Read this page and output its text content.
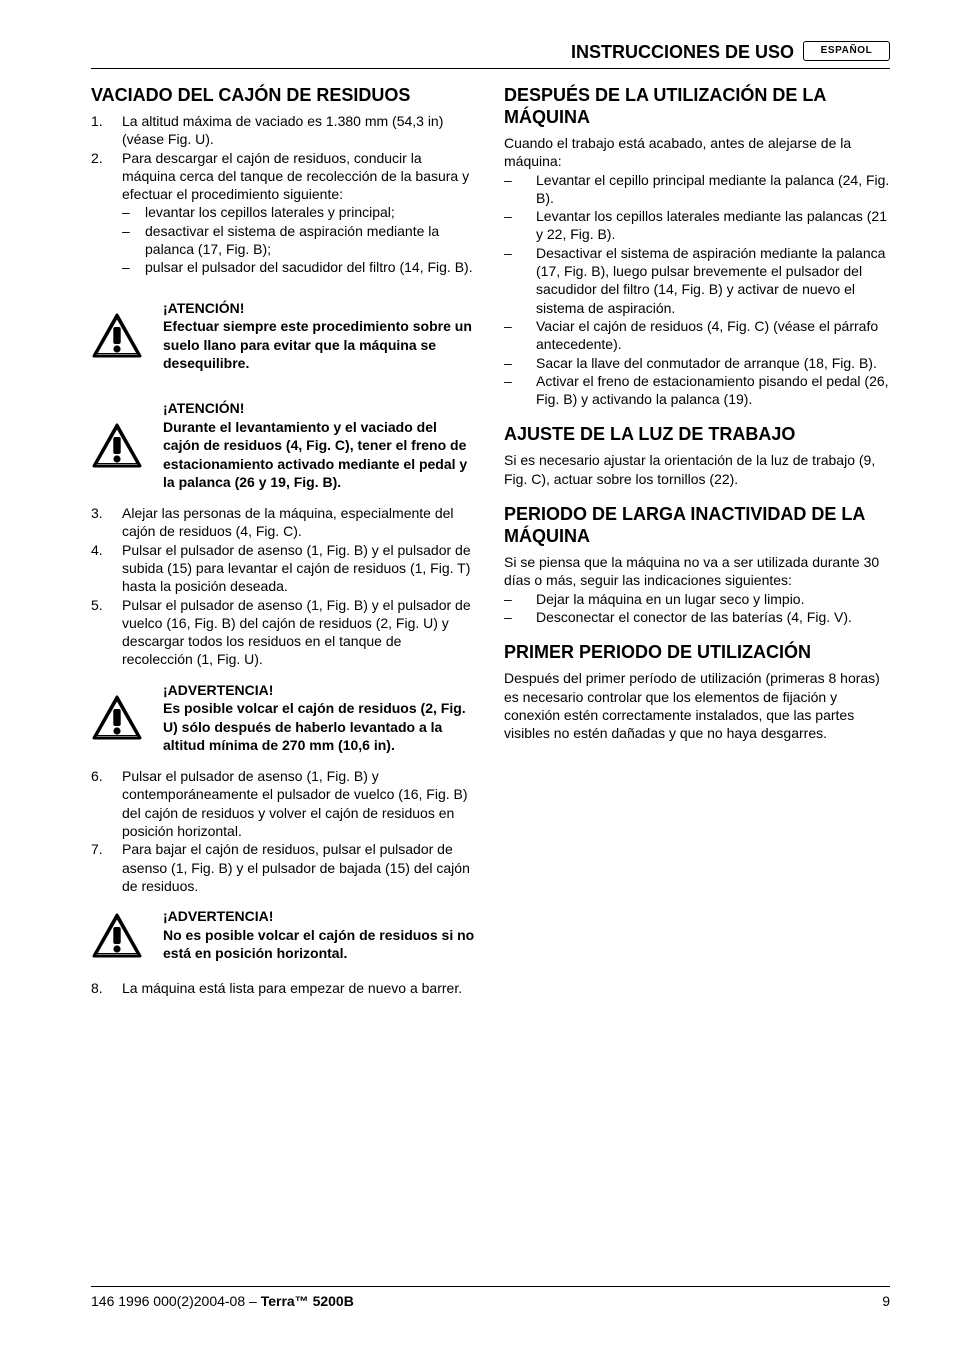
INSTRUCCIONES DE USO	ESPAÑOL
VACIADO DEL CAJÓN DE RESIDUOS
1.	La altitud máxima de vaciado es 1.380 mm (54,3 in) (véase Fig. U).
2.	Para descargar el cajón de residuos, conducir la máquina cerca del tanque de recolección de la basura y efectuar el procedimiento siguiente:
–	levantar los cepillos laterales y principal;
–	desactivar el sistema de aspiración mediante la palanca (17, Fig. B);
–	pulsar el pulsador del sacudidor del filtro (14, Fig. B).
¡ATENCIÓN!
Efectuar siempre este procedimiento sobre un suelo llano para evitar que la máquina se desequilibre.
¡ATENCIÓN!
Durante el levantamiento y el vaciado del cajón de residuos (4, Fig. C), tener el freno de estacionamiento activado mediante el pedal y la palanca (26 y 19, Fig. B).
3.	Alejar las personas de la máquina, especialmente del cajón de residuos (4, Fig. C).
4.	Pulsar el pulsador de asenso (1, Fig. B) y el pulsador de subida (15) para levantar el cajón de residuos (1, Fig. T) hasta la posición deseada.
5.	Pulsar el pulsador de asenso (1, Fig. B) y el pulsador de vuelco (16, Fig. B) del cajón de residuos (2, Fig. U) y descargar todos los residuos en el tanque de recolección (1, Fig. U).
¡ADVERTENCIA!
Es posible volcar el cajón de residuos (2, Fig. U) sólo después de haberlo levantado a la altitud mínima de 270 mm (10,6 in).
6.	Pulsar el pulsador de asenso (1, Fig. B) y contemporáneamente el pulsador de vuelco (16, Fig. B) del cajón de residuos y volver el cajón de residuos en posición horizontal.
7.	Para bajar el cajón de residuos, pulsar el pulsador de asenso (1, Fig. B) y el pulsador de bajada (15) del cajón de residuos.
¡ADVERTENCIA!
No es posible volcar el cajón de residuos si no está en posición horizontal.
8.	La máquina está lista para empezar de nuevo a barrer.
DESPUÉS DE LA UTILIZACIÓN DE LA MÁQUINA

Cuando el trabajo está acabado, antes de alejarse de la máquina:

–	Levantar el cepillo principal mediante la palanca (24, Fig. B).
–	Levantar los cepillos laterales mediante las palancas (21 y 22, Fig. B).
–	Desactivar el sistema de aspiración mediante la palanca (17, Fig. B), luego pulsar brevemente el pulsador del sacudidor del filtro (14, Fig. B) y activar de nuevo el sistema de aspiración.
–	Vaciar el cajón de residuos (4, Fig. C) (véase el párrafo antecedente).
–	Sacar la llave del conmutador de arranque (18, Fig. B).
–	Activar el freno de estacionamiento pisando el pedal (26, Fig. B) y activando la palanca (19).
AJUSTE DE LA LUZ DE TRABAJO

Si es necesario ajustar la orientación de la luz de trabajo (9, Fig. C), actuar sobre los tornillos (22).

PERIODO DE LARGA INACTIVIDAD DE LA MÁQUINA

Si se piensa que la máquina no va a ser utilizada durante 30 días o más, seguir las indicaciones siguientes:

–	Dejar la máquina en un lugar seco y limpio.
–	Desconectar el conector de las baterías (4, Fig. V).
PRIMER PERIODO DE UTILIZACIÓN

Después del primer período de utilización (primeras 8 horas) es necesario controlar que los elementos de fijación y conexión estén correctamente instalados, que las partes visibles no estén dañadas y que no haya desgarres.

146 1996 000(2)2004-08 – Terra™ 5200B	9
